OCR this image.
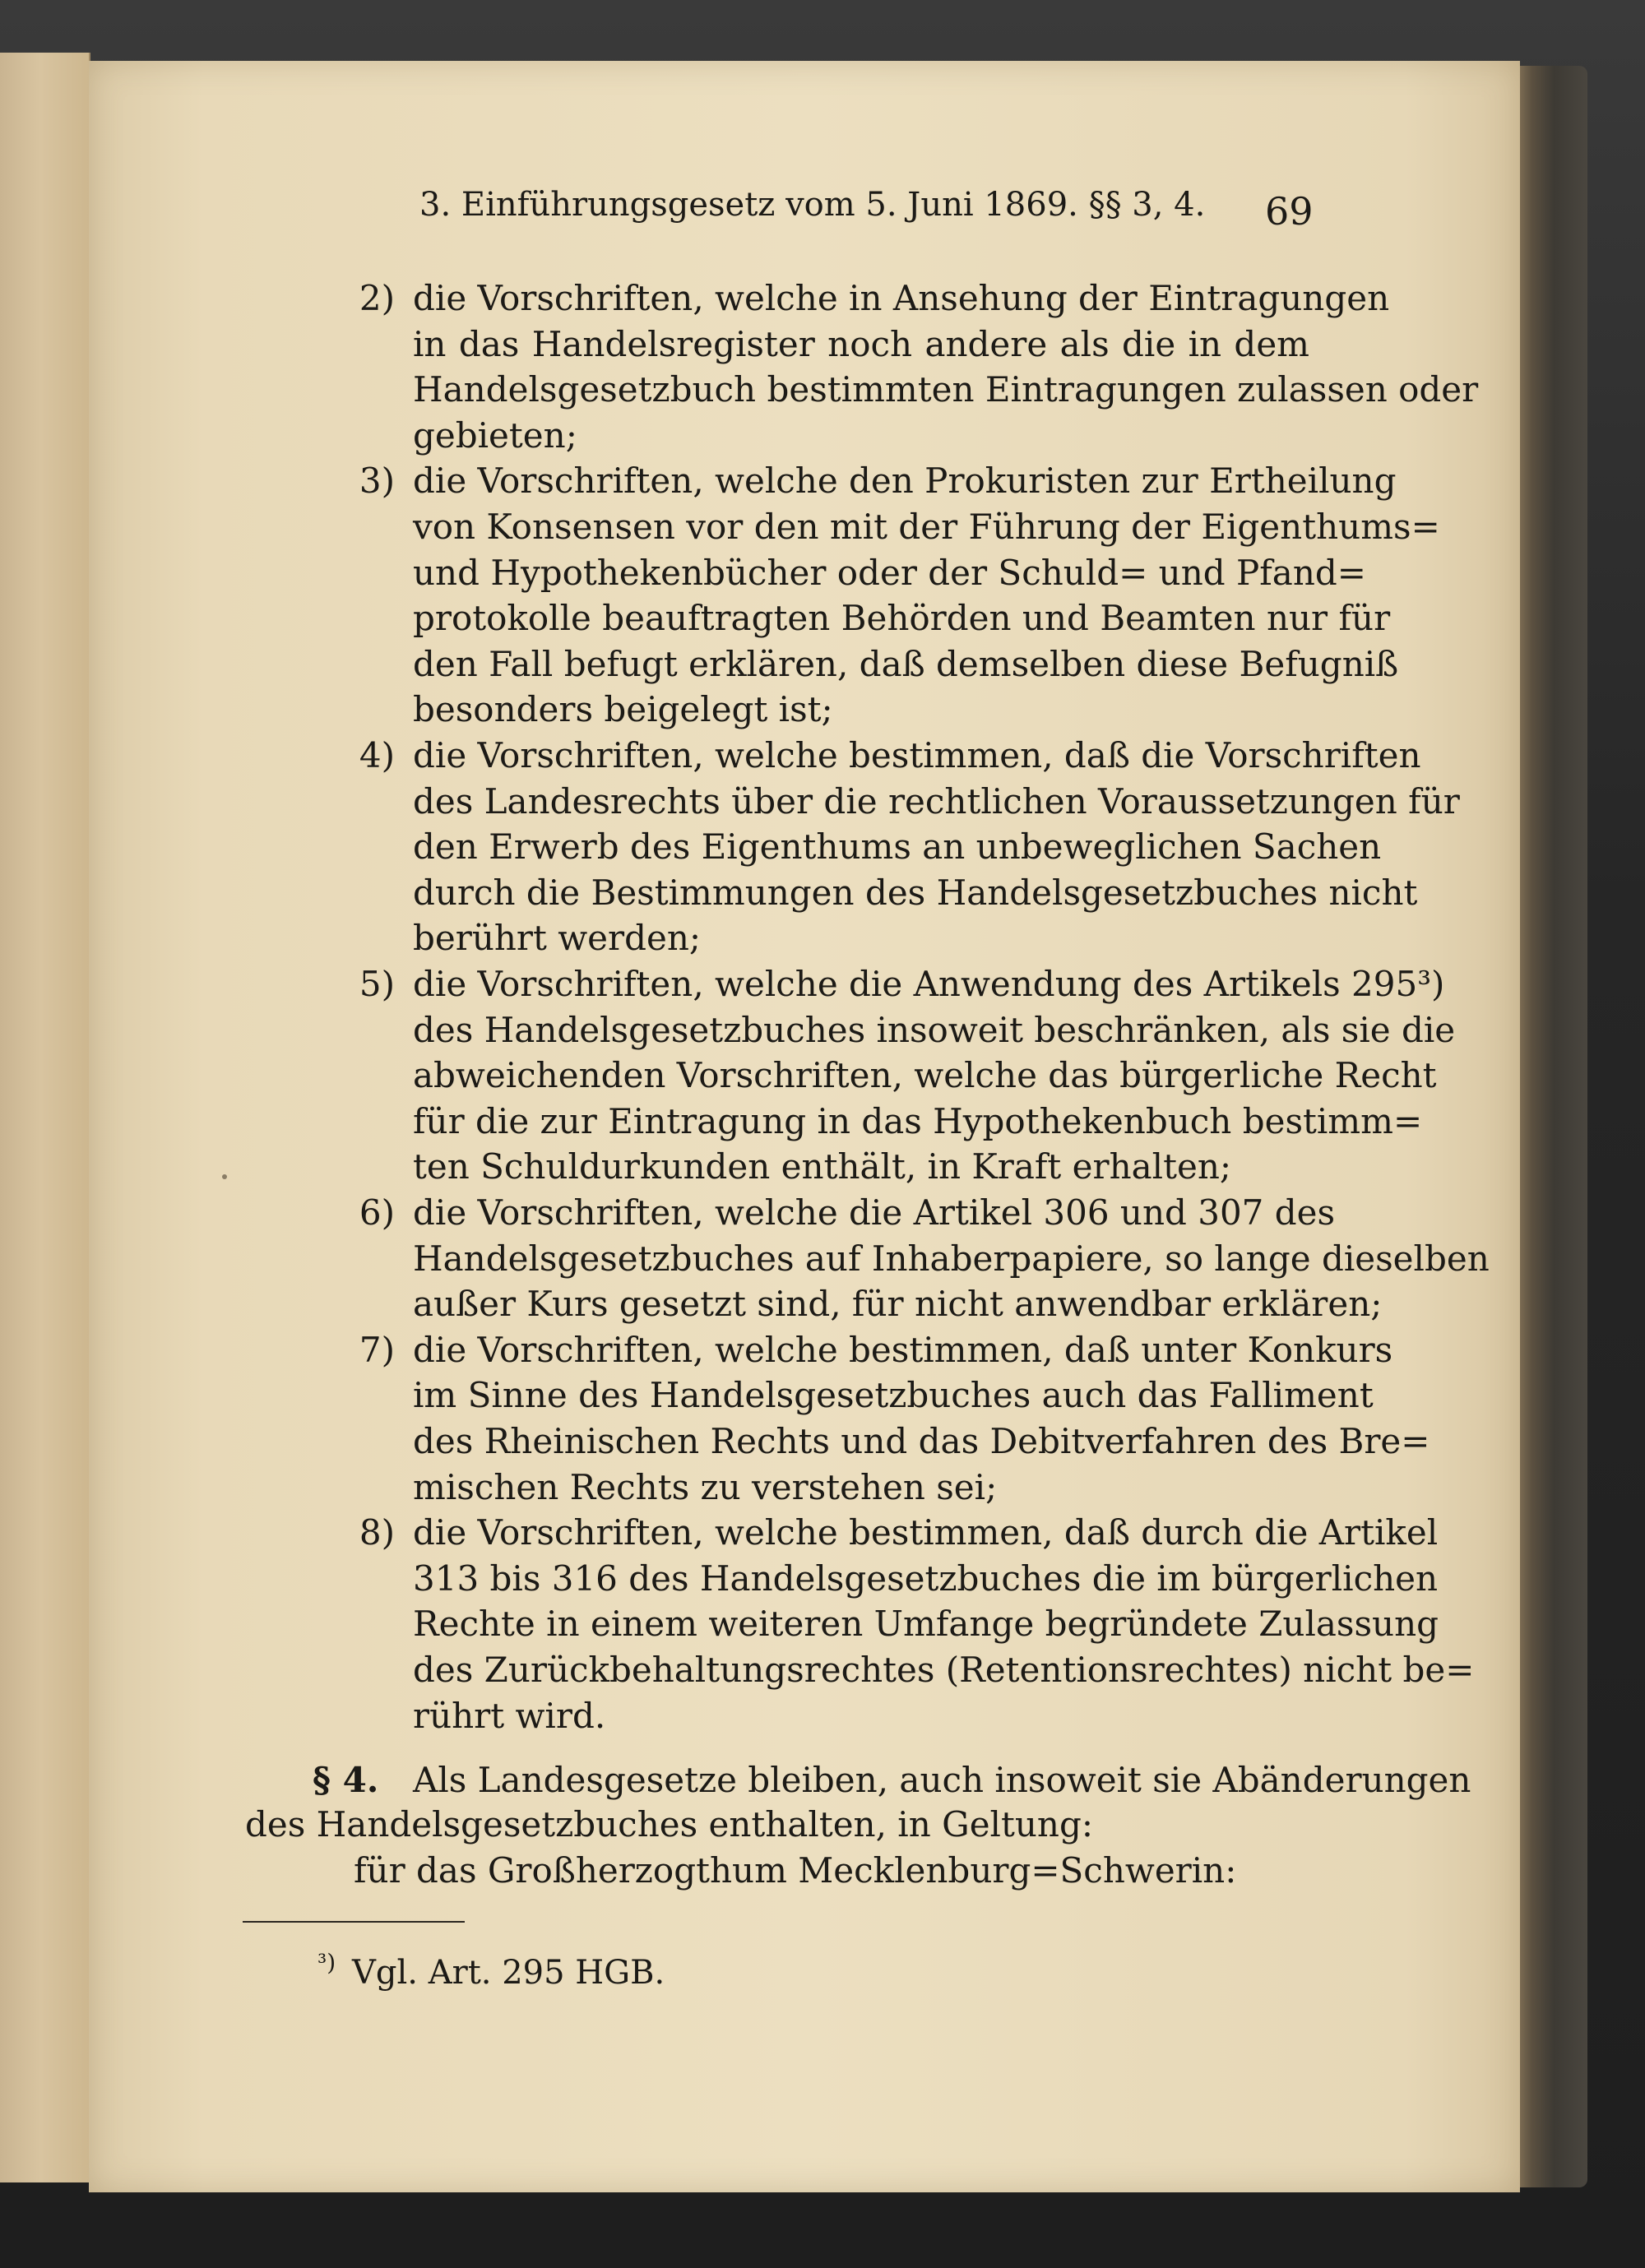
3. Einführungsgesetz vom 5. Juni 1869. §§ 3, 4. 69
2) die Vorschriften, welche in Ansehung der Eintragungen
in das Handelsregister noch andere als die in dem
Handelsgesetzbuch bestimmten Eintragungen zulassen oder
gebieten;
3) die Vorschriften, welche den Prokuristen zur Ertheilung
von Konsensen vor den mit der Führung der Eigenthums=
und Hypothekenbücher oder der Schuld= und Pfand=
protokolle beauftragten Behörden und Beamten nur für
den Fall befugt erklären, daß demselben diese Befugniß
besonders beigelegt ist;
4) die Vorschriften, welche bestimmen, daß die Vorschriften
des Landesrechts über die rechtlichen Voraussetzungen für
den Erwerb des Eigenthums an unbeweglichen Sachen
durch die Bestimmungen des Handelsgesetzbuches nicht
berührt werden;
5) die Vorschriften, welche die Anwendung des Artikels 295³)
des Handelsgesetzbuches insoweit beschränken, als sie die
abweichenden Vorschriften, welche das bürgerliche Recht
für die zur Eintragung in das Hypothekenbuch bestimm=
ten Schuldurkunden enthält, in Kraft erhalten;
6) die Vorschriften, welche die Artikel 306 und 307 des
Handelsgesetzbuches auf Inhaberpapiere, so lange dieselben
außer Kurs gesetzt sind, für nicht anwendbar erklären;
7) die Vorschriften, welche bestimmen, daß unter Konkurs
im Sinne des Handelsgesetzbuches auch das Falliment
des Rheinischen Rechts und das Debitverfahren des Bre=
mischen Rechts zu verstehen sei;
8) die Vorschriften, welche bestimmen, daß durch die Artikel
313 bis 316 des Handelsgesetzbuches die im bürgerlichen
Rechte in einem weiteren Umfange begründete Zulassung
des Zurückbehaltungsrechtes (Retentionsrechtes) nicht be=
rührt wird.
§ 4. Als Landesgesetze bleiben, auch insoweit sie Abänderungen
des Handelsgesetzbuches enthalten, in Geltung:
für das Großherzogthum Mecklenburg=Schwerin:
³) Vgl. Art. 295 HGB.
